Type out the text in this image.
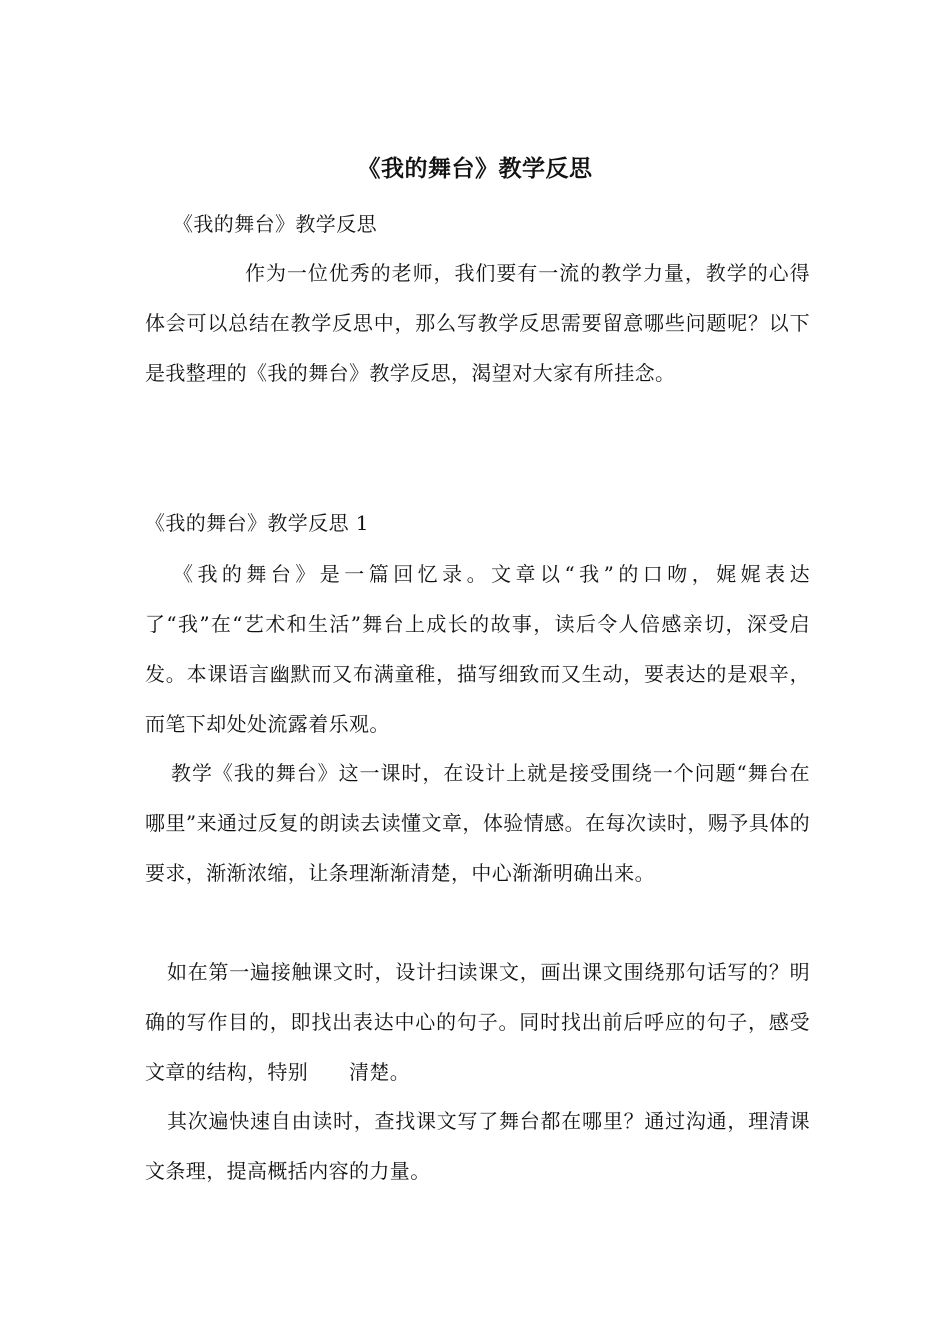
《我的舞台》教学反思
《我的舞台》教学反思
作为一位优秀的老师，我们要有一流的教学力量，教学的心得体会可以总结在教学反思中，那么写教学反思需要留意哪些问题呢？以下是我整理的《我的舞台》教学反思，渴望对大家有所挂念。
《我的舞台》教学反思 1
《我的舞台》是一篇回忆录。文章以“我”的口吻，娓娓表达了“我”在“艺术和生活”舞台上成长的故事，读后令人倍感亲切，深受启发。本课语言幽默而又布满童稚，描写细致而又生动，要表达的是艰辛，而笔下却处处流露着乐观。
教学《我的舞台》这一课时，在设计上就是接受围绕一个问题“舞台在哪里”来通过反复的朗读去读懂文章，体验情感。在每次读时，赐予具体的要求，渐渐浓缩，让条理渐渐清楚，中心渐渐明确出来。
如在第一遍接触课文时，设计扫读课文，画出课文围绕那句话写的？明确的写作目的，即找出表达中心的句子。同时找出前后呼应的句子，感受文章的结构，特别　　清楚。
其次遍快速自由读时，查找课文写了舞台都在哪里？通过沟通，理清课文条理，提高概括内容的力量。
